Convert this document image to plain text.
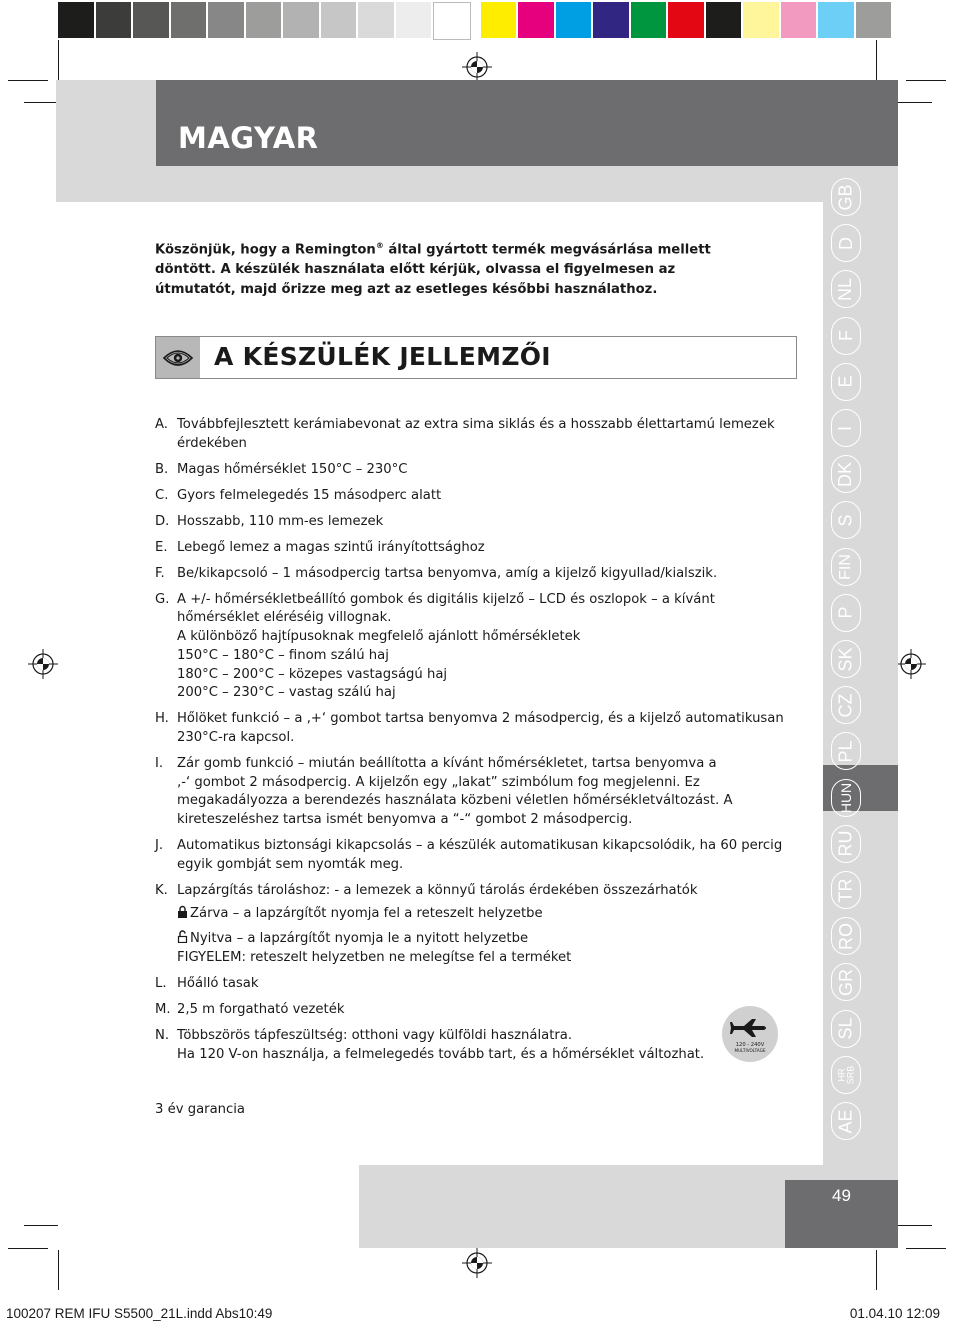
MAGYAR
GB
D
NL
F
E
I
DK
S
FIN
P
SK
CZ
PL
HUN
RU
TR
RO
GR
SL
HR SRB
AE
Köszönjük, hogy a Remington® által gyártott termék megvásárlása mellett
döntött. A készülék használata előtt kérjük, olvassa el figyelmesen az
útmutatót, majd őrizze meg azt az esetleges későbbi használathoz.
A KÉSZÜLÉK JELLEMZŐI
A. Továbbfejlesztett kerámiabevonat az extra sima siklás és a hosszabb élettartamú lemezek
érdekében
B. Magas hőmérséklet 150°C – 230°C
C. Gyors felmelegedés 15 másodperc alatt
D. Hosszabb, 110 mm-es lemezek
E. Lebegő lemez a magas szintű irányítottsághoz
F. Be/kikapcsoló – 1 másodpercig tartsa benyomva, amíg a kijelző kigyullad/kialszik.
G. A +/- hőmérsékletbeállító gombok és digitális kijelző – LCD és oszlopok – a kívánt
hőmérséklet eléréséig villognak.
A különböző hajtípusoknak megfelelő ajánlott hőmérsékletek
150°C – 180°C – finom szálú haj
180°C – 200°C – közepes vastagságú haj
200°C – 230°C – vastag szálú haj
H. Hőlöket funkció – a ‚+‘ gombot tartsa benyomva 2 másodpercig, és a kijelző automatikusan
230°C-ra kapcsol.
I. Zár gomb funkció – miután beállította a kívánt hőmérsékletet, tartsa benyomva a
‚-‘ gombot 2 másodpercig. A kijelzőn egy „lakat” szimbólum fog megjelenni. Ez
megakadályozza a berendezés használata közbeni véletlen hőmérsékletváltozást. A
kireteszeléshez tartsa ismét benyomva a “-“ gombot 2 másodpercig.
J. Automatikus biztonsági kikapcsolás – a készülék automatikusan kikapcsolódik, ha 60 percig
egyik gombját sem nyomták meg.
K. Lapzárgítás tároláshoz: - a lemezek a könnyű tárolás érdekében összezárhatók
Zárva – a lapzárgítőt nyomja fel a reteszelt helyzetbe
Nyitva – a lapzárgítőt nyomja le a nyitott helyzetbe
FIGYELEM: reteszelt helyzetben ne melegítse fel a terméket
L. Hőálló tasak
M. 2,5 m forgatható vezeték
N. Többszörös tápfeszültség: otthoni vagy külföldi használatra.
Ha 120 V-on használja, a felmelegedés tovább tart, és a hőmérséklet változhat.
120 - 240V
MULTIVOLTAGE
3 év garancia
49
100207 REM IFU S5500_21L.indd Abs10:49	01.04.10 12:09
